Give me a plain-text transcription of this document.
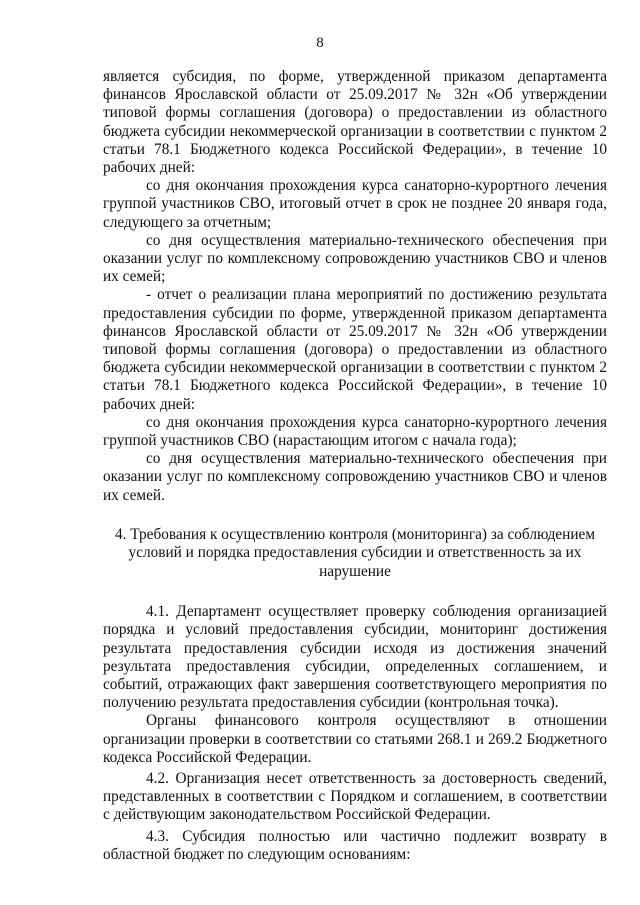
8

является субсидия, по форме, утвержденной приказом департамента финансов Ярославской области от 25.09.2017 № 32н «Об утверждении типовой формы соглашения (договора) о предоставлении из областного бюджета субсидии некоммерческой организации в соответствии с пунктом 2 статьи 78.1 Бюджетного кодекса Российской Федерации», в течение 10 рабочих дней:

со дня окончания прохождения курса санаторно-курортного лечения группой участников СВО, итоговый отчет в срок не позднее 20 января года, следующего за отчетным;

со дня осуществления материально-технического обеспечения при оказании услуг по комплексному сопровождению участников СВО и членов их семей;

- отчет о реализации плана мероприятий по достижению результата предоставления субсидии по форме, утвержденной приказом департамента финансов Ярославской области от 25.09.2017 № 32н «Об утверждении типовой формы соглашения (договора) о предоставлении из областного бюджета субсидии некоммерческой организации в соответствии с пунктом 2 статьи 78.1 Бюджетного кодекса Российской Федерации», в течение 10 рабочих дней:

со дня окончания прохождения курса санаторно-курортного лечения группой участников СВО (нарастающим итогом с начала года);

со дня осуществления материально-технического обеспечения при оказании услуг по комплексному сопровождению участников СВО и членов их семей.

4. Требования к осуществлению контроля (мониторинга) за соблюдением условий и порядка предоставления субсидии и ответственность за их нарушение

4.1. Департамент осуществляет проверку соблюдения организацией порядка и условий предоставления субсидии, мониторинг достижения результата предоставления субсидии исходя из достижения значений результата предоставления субсидии, определенных соглашением, и событий, отражающих факт завершения соответствующего мероприятия по получению результата предоставления субсидии (контрольная точка).

Органы финансового контроля осуществляют в отношении организации проверки в соответствии со статьями 268.1 и 269.2 Бюджетного кодекса Российской Федерации.

4.2. Организация несет ответственность за достоверность сведений, представленных в соответствии с Порядком и соглашением, в соответствии с действующим законодательством Российской Федерации.

4.3. Субсидия полностью или частично подлежит возврату в областной бюджет по следующим основаниям:
